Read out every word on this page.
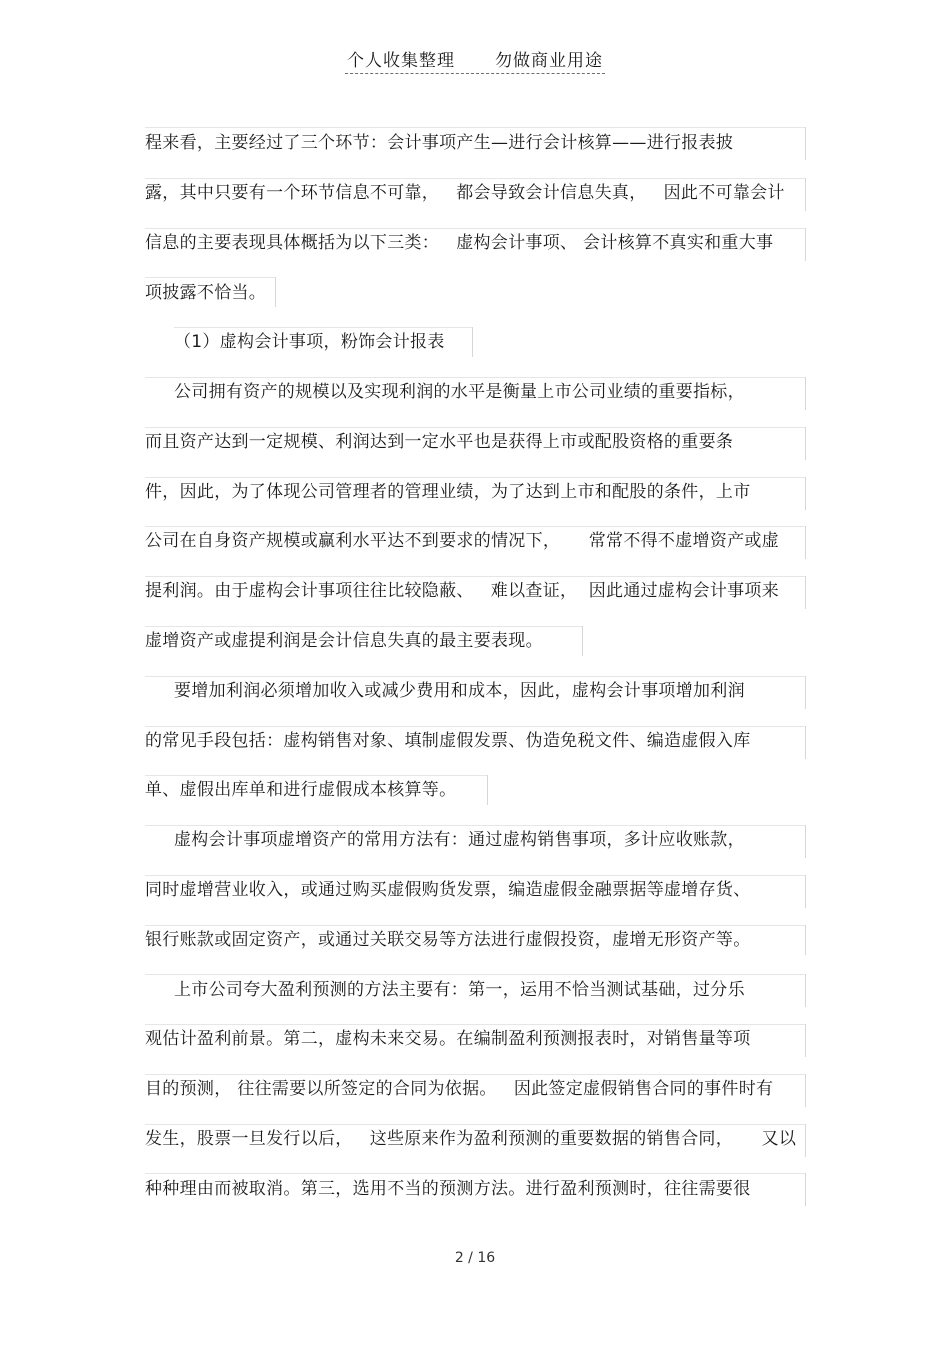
个人收集整理 勿做商业用途
程来看，主要经过了三个环节：会计事项产生—进行会计核算——进行报表披
露，其中只要有一个环节信息不可靠，   都会导致会计信息失真，   因此不可靠会计
信息的主要表现具体概括为以下三类：   虚构会计事项、 会计核算不真实和重大事
项披露不恰当。
（1）虚构会计事项，粉饰会计报表
公司拥有资产的规模以及实现利润的水平是衡量上市公司业绩的重要指标，
而且资产达到一定规模、利润达到一定水平也是获得上市或配股资格的重要条
件，因此，为了体现公司管理者的管理业绩，为了达到上市和配股的条件，上市
公司在自身资产规模或赢利水平达不到要求的情况下，     常常不得不虚增资产或虚
提利润。由于虚构会计事项往往比较隐蔽、   难以查证，  因此通过虚构会计事项来
虚增资产或虚提利润是会计信息失真的最主要表现。
要增加利润必须增加收入或减少费用和成本，因此，虚构会计事项增加利润
的常见手段包括：虚构销售对象、填制虚假发票、伪造免税文件、编造虚假入库
单、虚假出库单和进行虚假成本核算等。
虚构会计事项虚增资产的常用方法有：通过虚构销售事项，多计应收账款，
同时虚增营业收入，或通过购买虚假购货发票，编造虚假金融票据等虚增存货、
银行账款或固定资产，或通过关联交易等方法进行虚假投资，虚增无形资产等。
上市公司夸大盈利预测的方法主要有：第一，运用不恰当测试基础，过分乐
观估计盈利前景。第二，虚构未来交易。在编制盈利预测报表时，对销售量等项
目的预测， 往往需要以所签定的合同为依据。   因此签定虚假销售合同的事件时有
发生，股票一旦发行以后，   这些原来作为盈利预测的重要数据的销售合同，     又以
种种理由而被取消。第三，选用不当的预测方法。进行盈利预测时，往往需要很
2 / 16
